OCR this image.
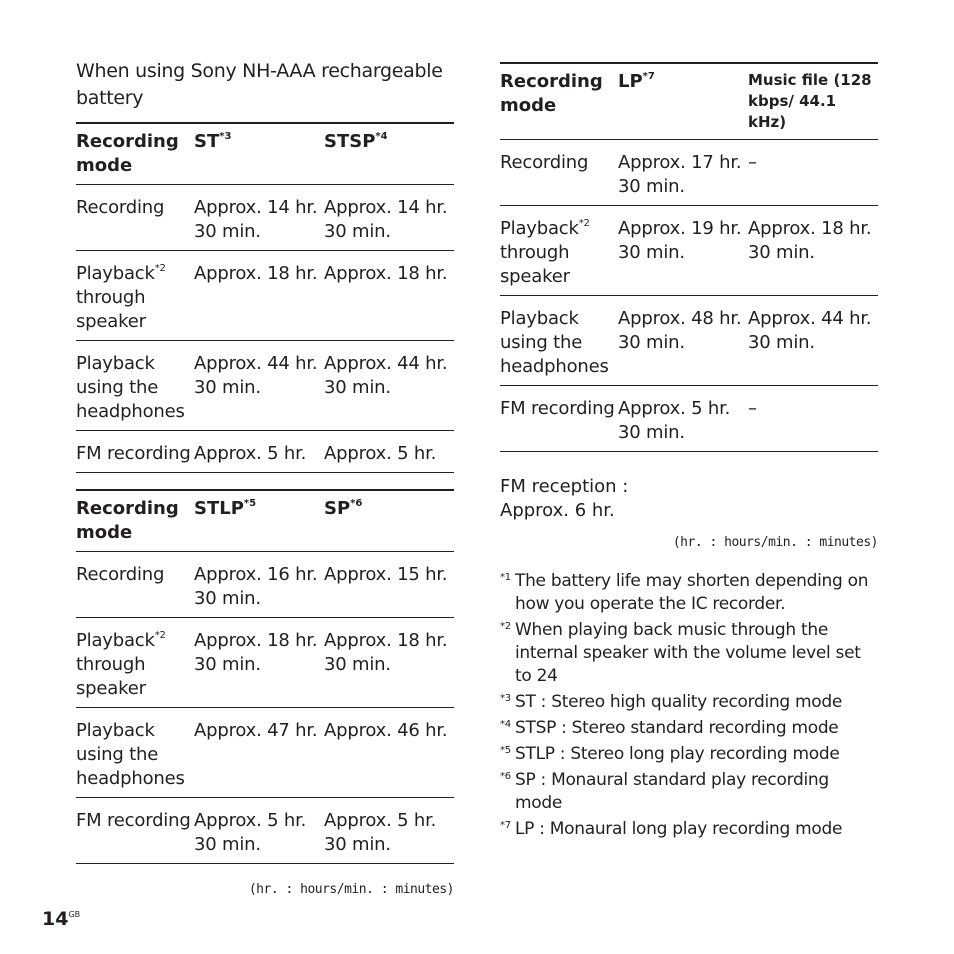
When using Sony NH-AAA rechargeable battery

Recording mode	ST$^{*3}$	STSP$^{*4}$
Recording	Approx. 14 hr. 30 min.	Approx. 14 hr. 30 min.
Playback$^{*2}$ through speaker	Approx. 18 hr.	Approx. 18 hr.
Playback using the headphones	Approx. 44 hr. 30 min.	Approx. 44 hr. 30 min.
FM recording	Approx. 5 hr.	Approx. 5 hr.
Recording mode	STLP$^{*5}$	SP$^{*6}$
Recording	Approx. 16 hr. 30 min.	Approx. 15 hr.
Playback$^{*2}$ through speaker	Approx. 18 hr. 30 min.	Approx. 18 hr. 30 min.
Playback using the headphones	Approx. 47 hr.	Approx. 46 hr.
FM recording	Approx. 5 hr. 30 min.	Approx. 5 hr. 30 min.
(hr. : hours/min. : minutes)
Recording mode	LP$^{*7}$	Music file (128 kbps/ 44.1 kHz)
Recording	Approx. 17 hr. 30 min.	–
Playback$^{*2}$ through speaker	Approx. 19 hr. 30 min.	Approx. 18 hr. 30 min.
Playback using the headphones	Approx. 48 hr. 30 min.	Approx. 44 hr. 30 min.
FM recording	Approx. 5 hr. 30 min.	–
FM reception :
Approx. 6 hr.
(hr. : hours/min. : minutes)
*1 The battery life may shorten depending on how you operate the IC recorder.
*2 When playing back music through the internal speaker with the volume level set to 24
*3 ST : Stereo high quality recording mode
*4 STSP : Stereo standard recording mode
*5 STLP : Stereo long play recording mode
*6 SP : Monaural standard play recording mode
*7 LP : Monaural long play recording mode
$14^{GB}$
